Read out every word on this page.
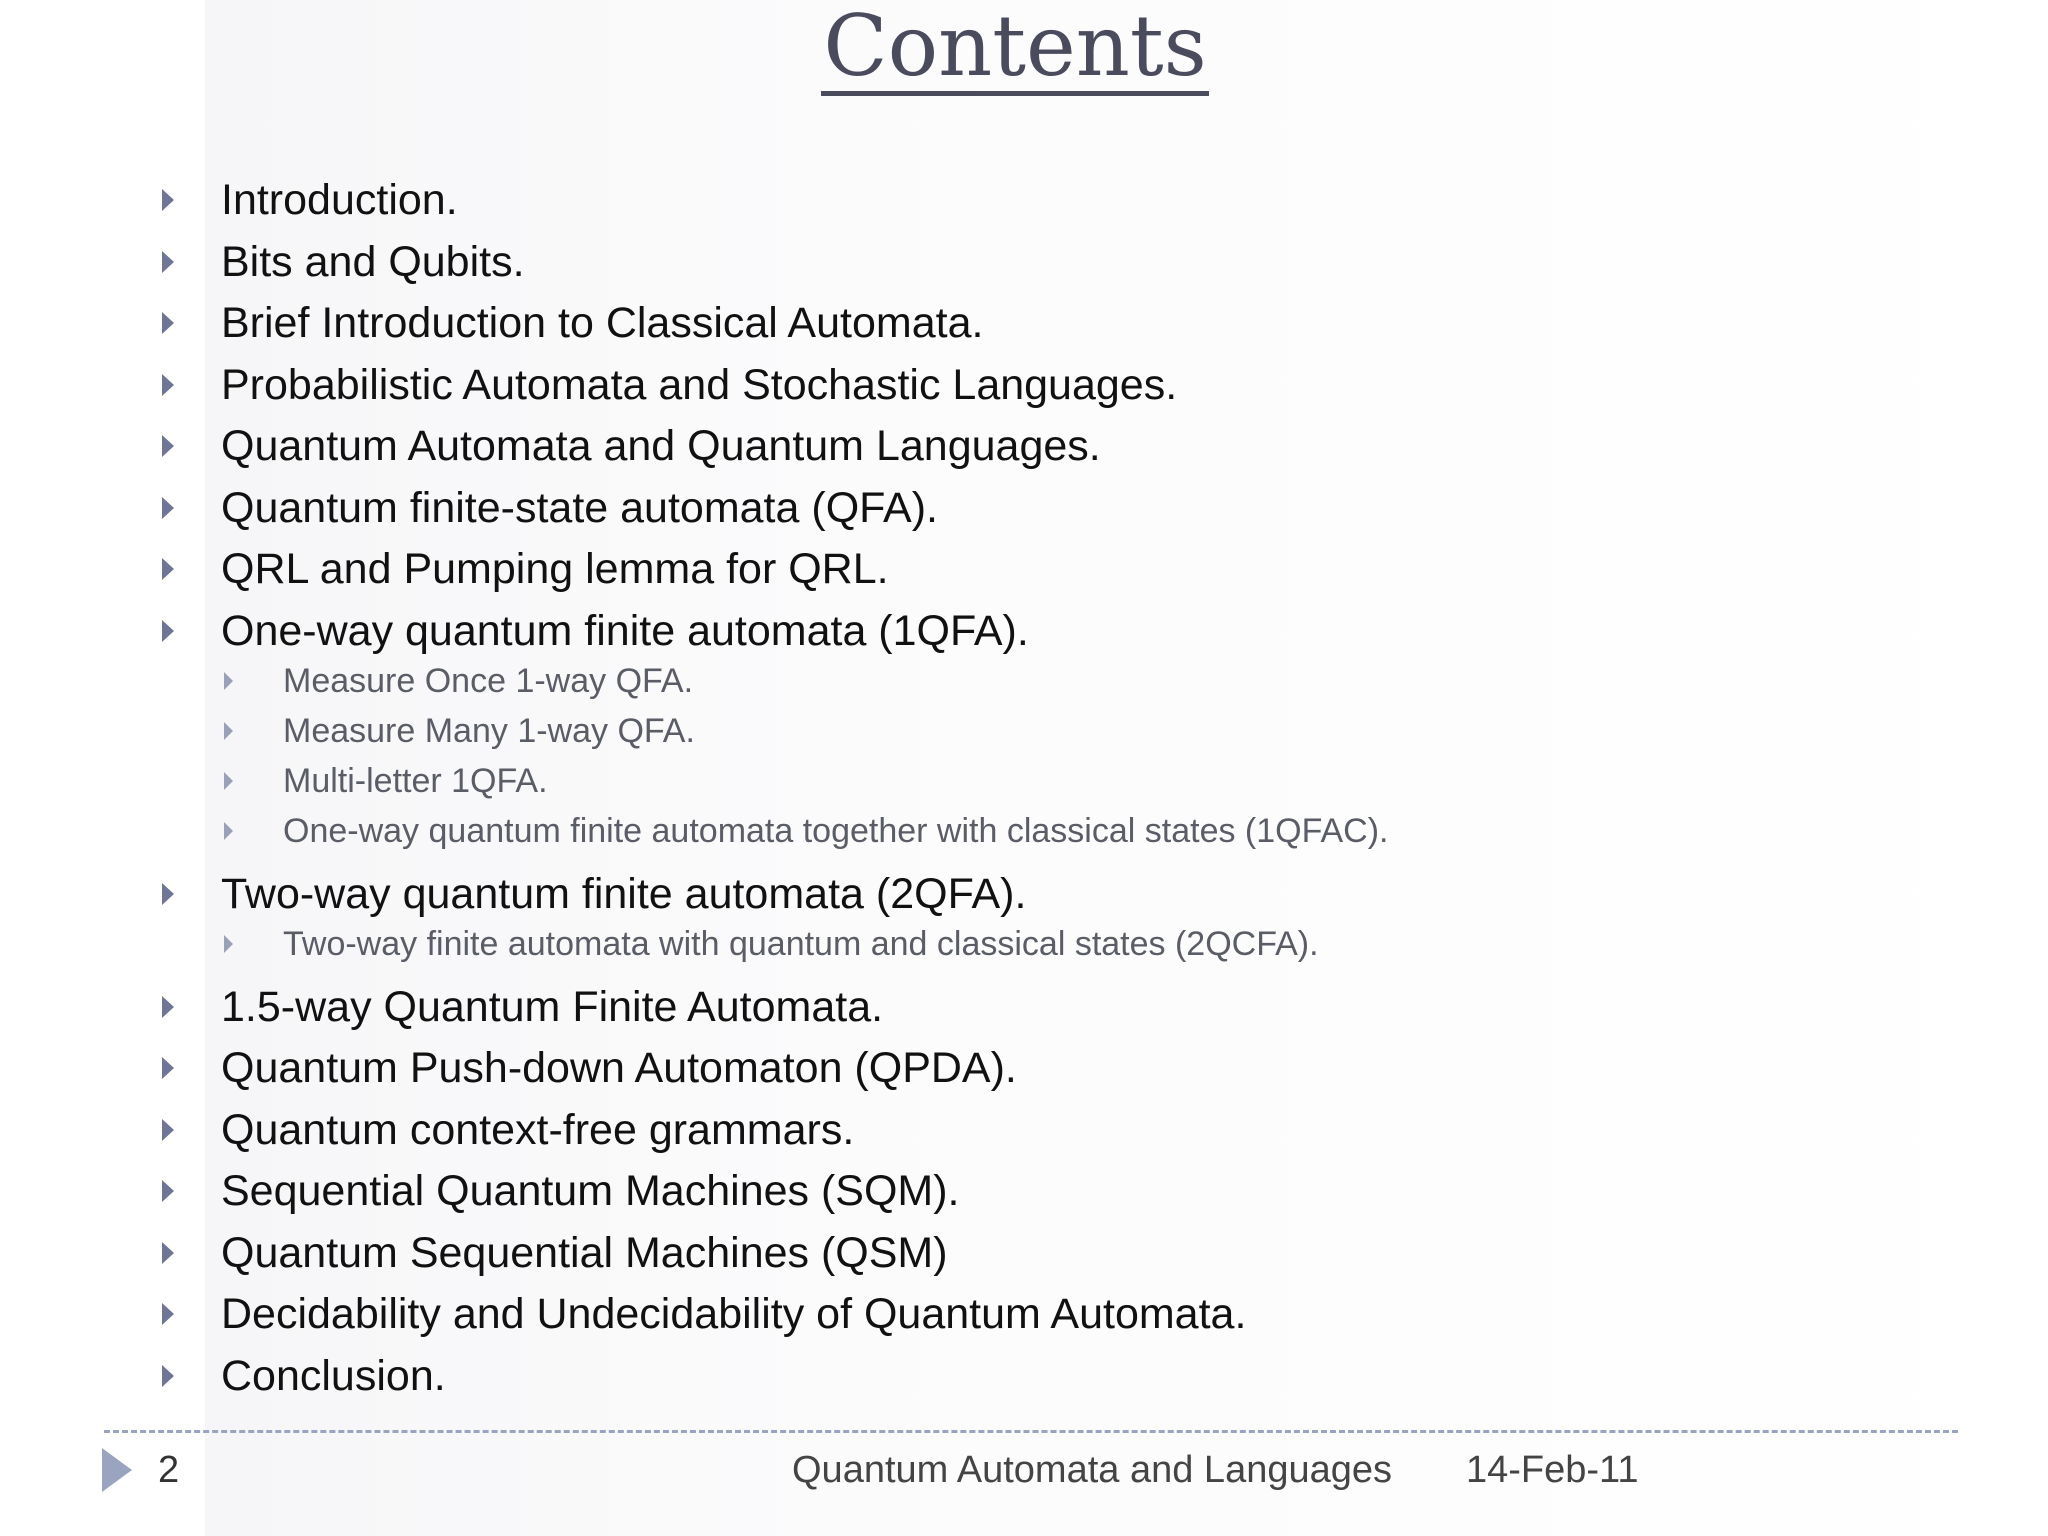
Contents
Introduction.
Bits and Qubits.
Brief Introduction to Classical Automata.
Probabilistic Automata and Stochastic Languages.
Quantum Automata and Quantum Languages.
Quantum finite-state automata (QFA).
QRL and Pumping lemma for QRL.
One-way quantum finite automata (1QFA).
Measure Once 1-way QFA.
Measure Many 1-way QFA.
Multi-letter 1QFA.
One-way quantum finite automata together with classical states (1QFAC).
Two-way quantum finite automata (2QFA).
Two-way finite automata with quantum and classical states (2QCFA).
1.5-way Quantum Finite Automata.
Quantum Push-down Automaton (QPDA).
Quantum context-free grammars.
Sequential Quantum Machines (SQM).
Quantum Sequential Machines (QSM)
Decidability and Undecidability of Quantum Automata.
Conclusion.
2	Quantum Automata and Languages 14-Feb-11
